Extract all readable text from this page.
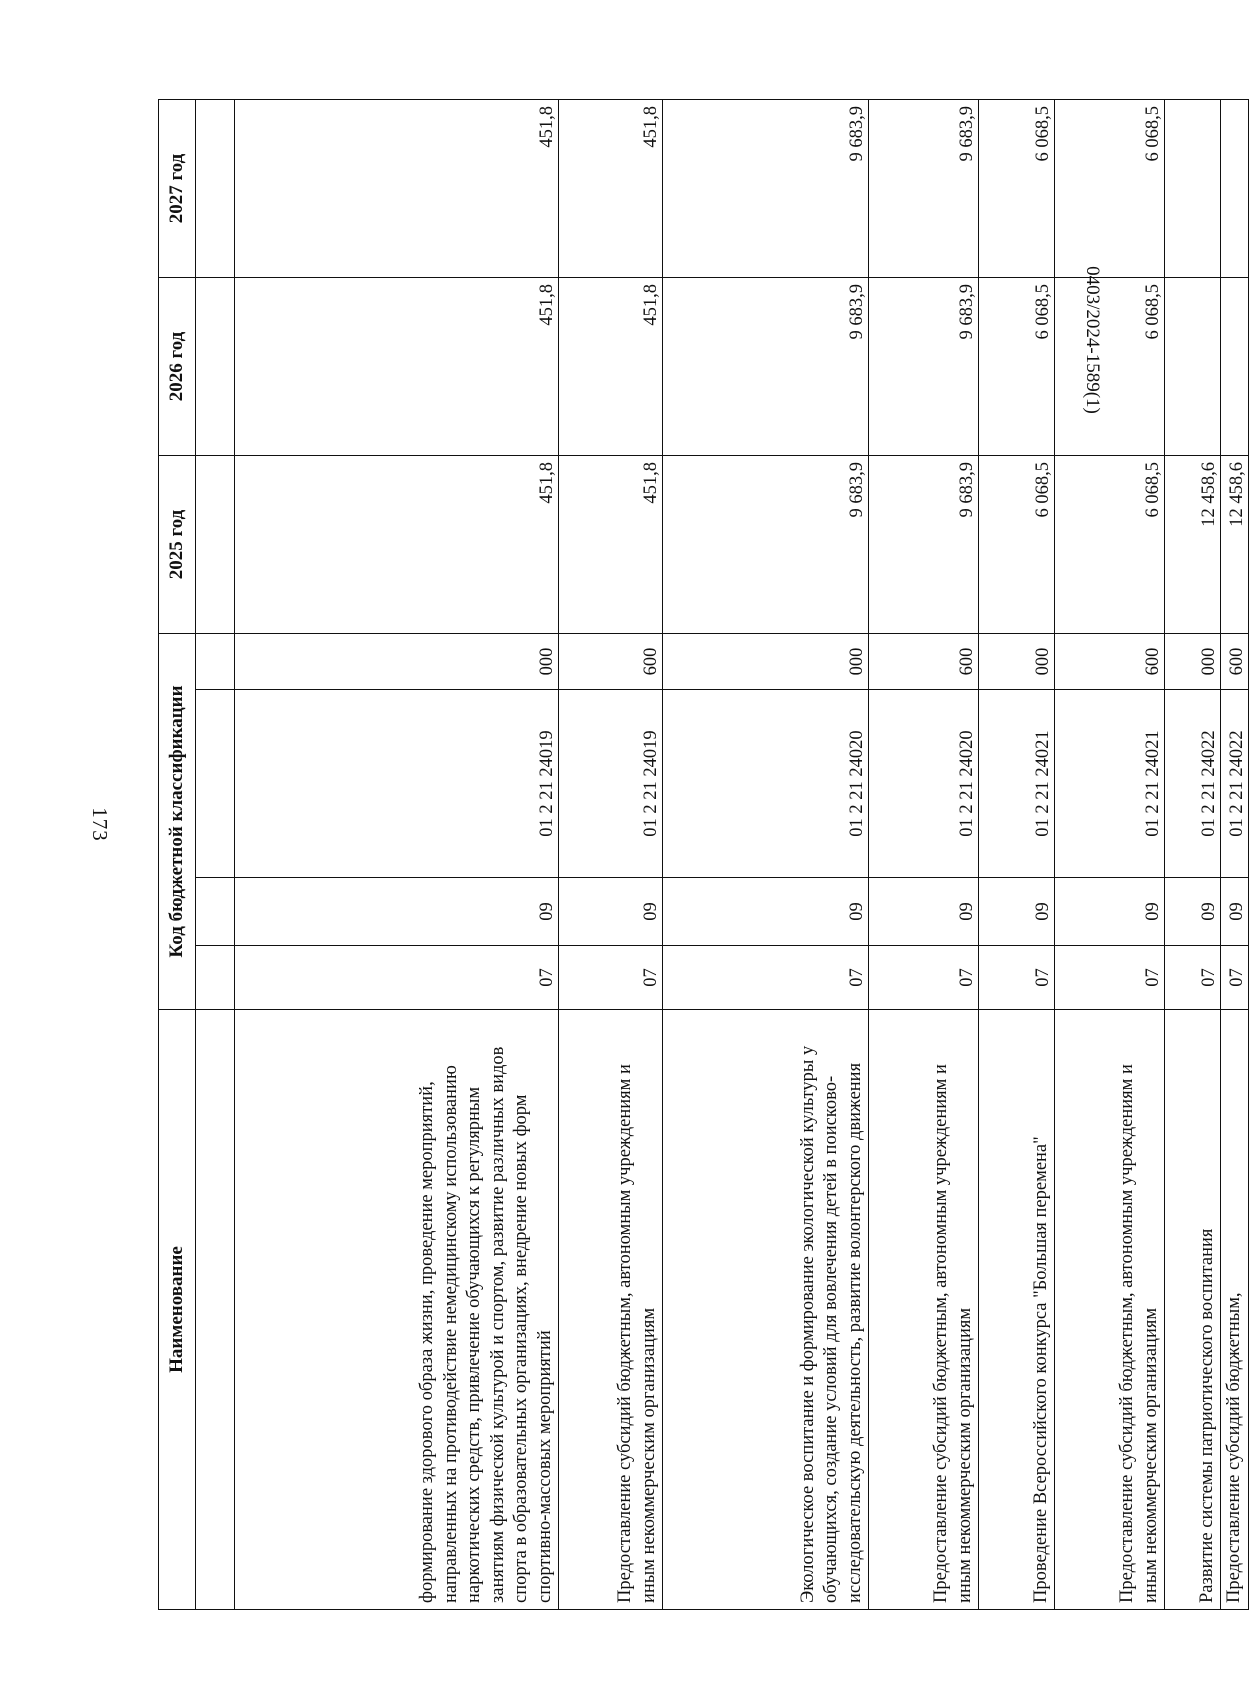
173
Наименование	Код бюджетной классификации				2025 год	2026 год	2027 год

формирование здорового образа жизни, проведение мероприятий, направленных на противодействие немедицинскому использованию наркотических средств, привлечение обучающихся к регулярным занятиям физической культурой и спортом, развитие различных видов спорта в образовательных организациях, внедрение новых форм спортивно-массовых мероприятий	07	09	01 2 21 24019	000	451,8	451,8	451,8
Предоставление субсидий бюджетным, автономным учреждениям и иным некоммерческим организациям	07	09	01 2 21 24019	600	451,8	451,8	451,8
Экологическое воспитание и формирование экологической культуры у обучающихся, создание условий для вовлечения детей в поисково-исследовательскую деятельность, развитие волонтерского движения	07	09	01 2 21 24020	000	9 683,9	9 683,9	9 683,9
Предоставление субсидий бюджетным, автономным учреждениям и иным некоммерческим организациям	07	09	01 2 21 24020	600	9 683,9	9 683,9	9 683,9
Проведение Всероссийского конкурса "Большая перемена"	07	09	01 2 21 24021	000	6 068,5	6 068,5	6 068,5
Предоставление субсидий бюджетным, автономным учреждениям и иным некоммерческим организациям	07	09	01 2 21 24021	600	6 068,5	6 068,5	6 068,5
Развитие системы патриотического воспитания	07	09	01 2 21 24022	000	12 458,6		
Предоставление субсидий бюджетным,	07	09	01 2 21 24022	600	12 458,6		
0403/2024-1589(1)
